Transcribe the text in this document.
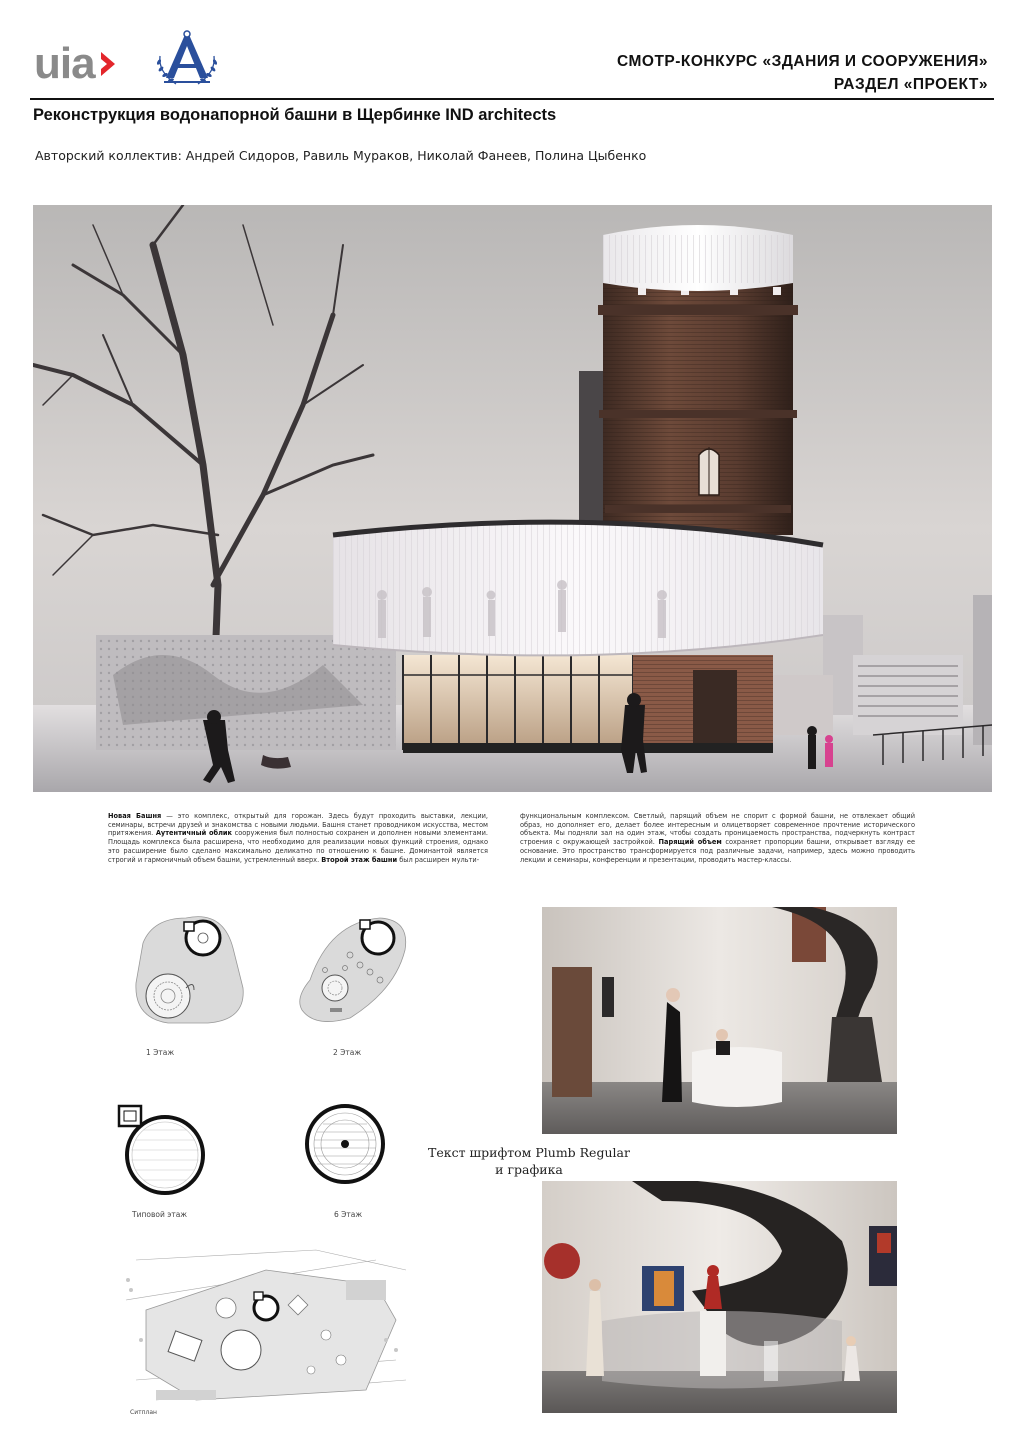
uia	СМОТР-КОНКУРС «ЗДАНИЯ И СООРУЖЕНИЯ»
РАЗДЕЛ «ПРОЕКТ»
Реконструкция водонапорной башни в Щербинке IND architects
Авторский коллектив: Андрей Сидоров, Равиль Мураков, Николай Фанеев, Полина Цыбенко
Новая Башня — это комплекс, открытый для горожан. Здесь будут проходить выставки, лекции, семинары, встречи друзей и знакомства с новыми людьми. Башня станет проводником искусства, местом притяжения. Аутентичный облик сооружения был полностью сохранен и дополнен новыми элементами. Площадь комплекса была расширена, что необходимо для реализации новых функций строения, однако это расширение было сделано максимально деликатно по отношению к башне. Доминантой является строгий и гармоничный объем башни, устремленный вверх. Второй этаж башни был расширен мульти-
функциональным комплексом. Светлый, парящий объем не спорит с формой башни, не отвлекает общий образ, но дополняет его, делает более интересным и олицетворяет современное прочтение исторического объекта. Мы подняли зал на один этаж, чтобы создать проницаемость пространства, подчеркнуть контраст строения с окружающей застройкой. Парящий объем сохраняет пропорции башни, открывает взгляду ее основание. Это пространство трансформируется под различные задачи, например, здесь можно проводить лекции и семинары, конференции и презентации, проводить мастер-классы.
1 Этаж	2 Этаж
Типовой этаж	6 Этаж
Ситплан
Текст шрифтом Plumb Regular
и графика
